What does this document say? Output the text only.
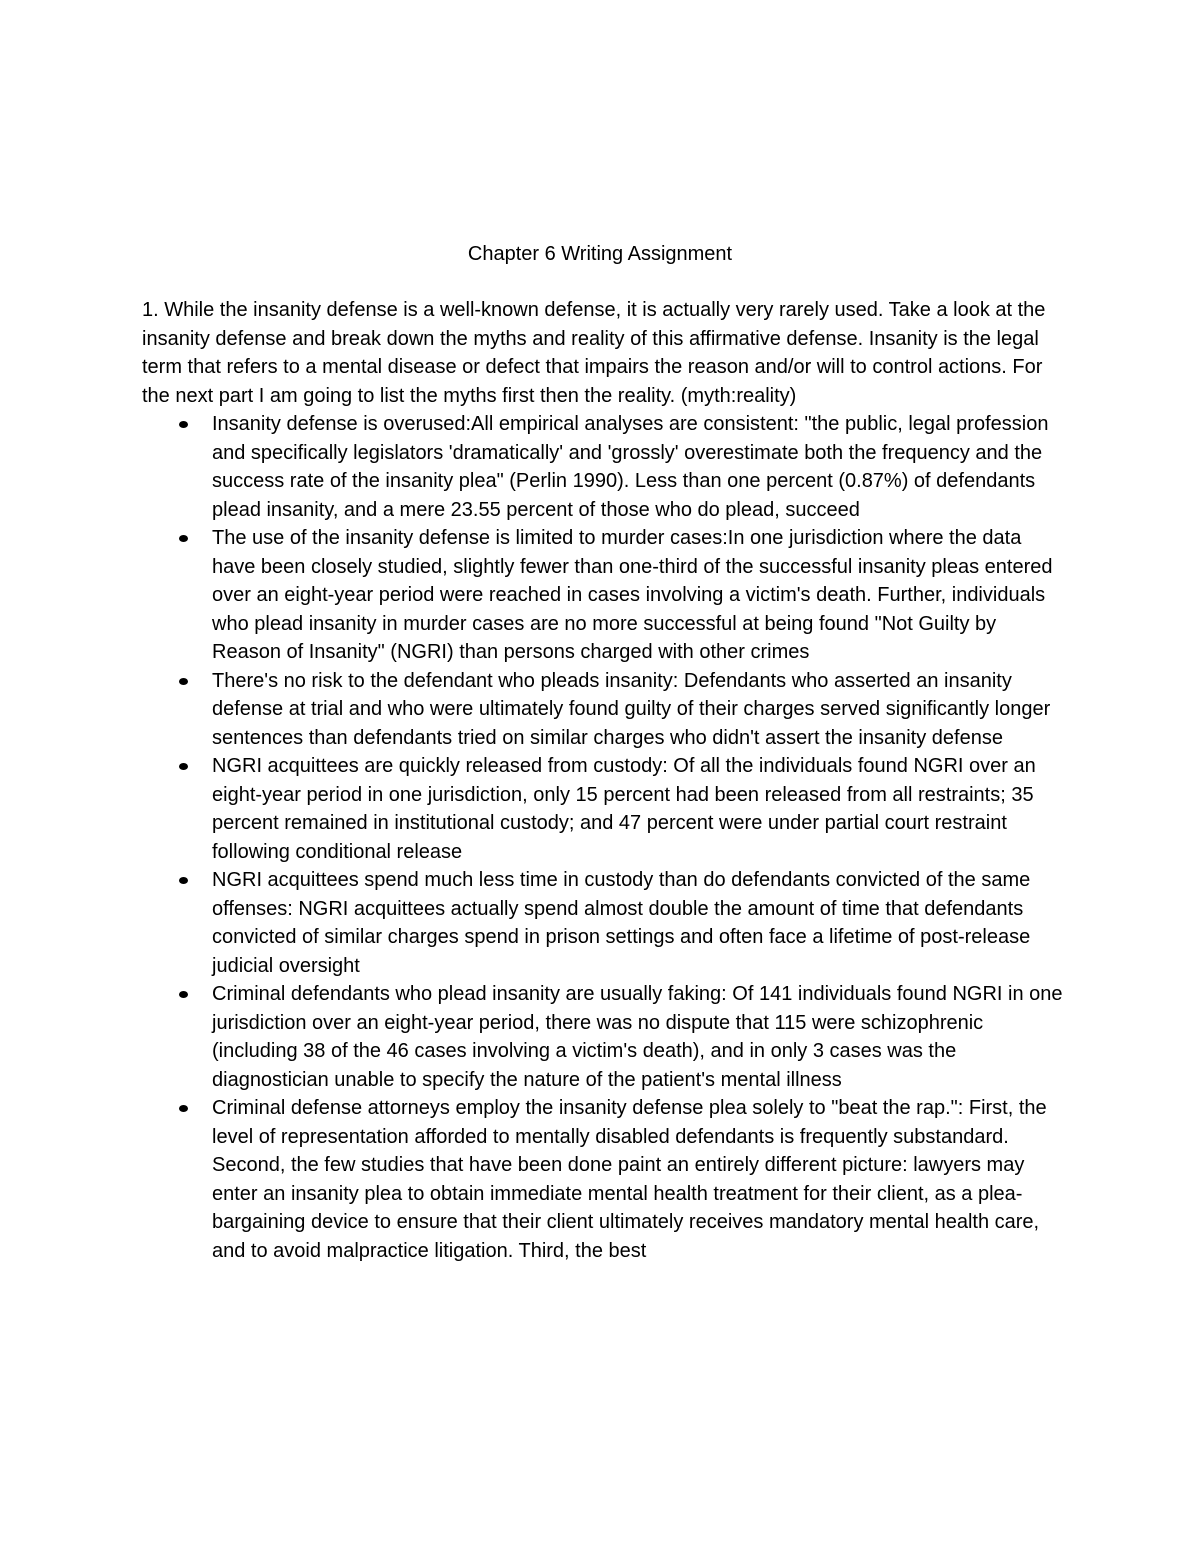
Chapter 6 Writing Assignment

1. While the insanity defense is a well-known defense, it is actually very rarely used. Take a look at the insanity defense and break down the myths and reality of this affirmative defense. Insanity is the legal term that refers to a mental disease or defect that impairs the reason and/or will to control actions. For the next part I am going to list the myths first then the reality. (myth:reality)

Insanity defense is overused:All empirical analyses are consistent: "the public, legal profession and specifically legislators 'dramatically' and 'grossly' overestimate both the frequency and the success rate of the insanity plea" (Perlin 1990). Less than one percent (0.87%) of defendants plead insanity, and a mere 23.55 percent of those who do plead, succeed
The use of the insanity defense is limited to murder cases:In one jurisdiction where the data have been closely studied, slightly fewer than one-third of the successful insanity pleas entered over an eight-year period were reached in cases involving a victim's death. Further, individuals who plead insanity in murder cases are no more successful at being found "Not Guilty by Reason of Insanity" (NGRI) than persons charged with other crimes
There's no risk to the defendant who pleads insanity: Defendants who asserted an insanity defense at trial and who were ultimately found guilty of their charges served significantly longer sentences than defendants tried on similar charges who didn't assert the insanity defense
NGRI acquittees are quickly released from custody: Of all the individuals found NGRI over an eight-year period in one jurisdiction, only 15 percent had been released from all restraints; 35 percent remained in institutional custody; and 47 percent were under partial court restraint following conditional release
NGRI acquittees spend much less time in custody than do defendants convicted of the same offenses: NGRI acquittees actually spend almost double the amount of time that defendants convicted of similar charges spend in prison settings and often face a lifetime of post-release judicial oversight
Criminal defendants who plead insanity are usually faking: Of 141 individuals found NGRI in one jurisdiction over an eight-year period, there was no dispute that 115 were schizophrenic (including 38 of the 46 cases involving a victim's death), and in only 3 cases was the diagnostician unable to specify the nature of the patient's mental illness
Criminal defense attorneys employ the insanity defense plea solely to "beat the rap.": First, the level of representation afforded to mentally disabled defendants is frequently substandard. Second, the few studies that have been done paint an entirely different picture: lawyers may enter an insanity plea to obtain immediate mental health treatment for their client, as a plea-bargaining device to ensure that their client ultimately receives mandatory mental health care, and to avoid malpractice litigation. Third, the best
